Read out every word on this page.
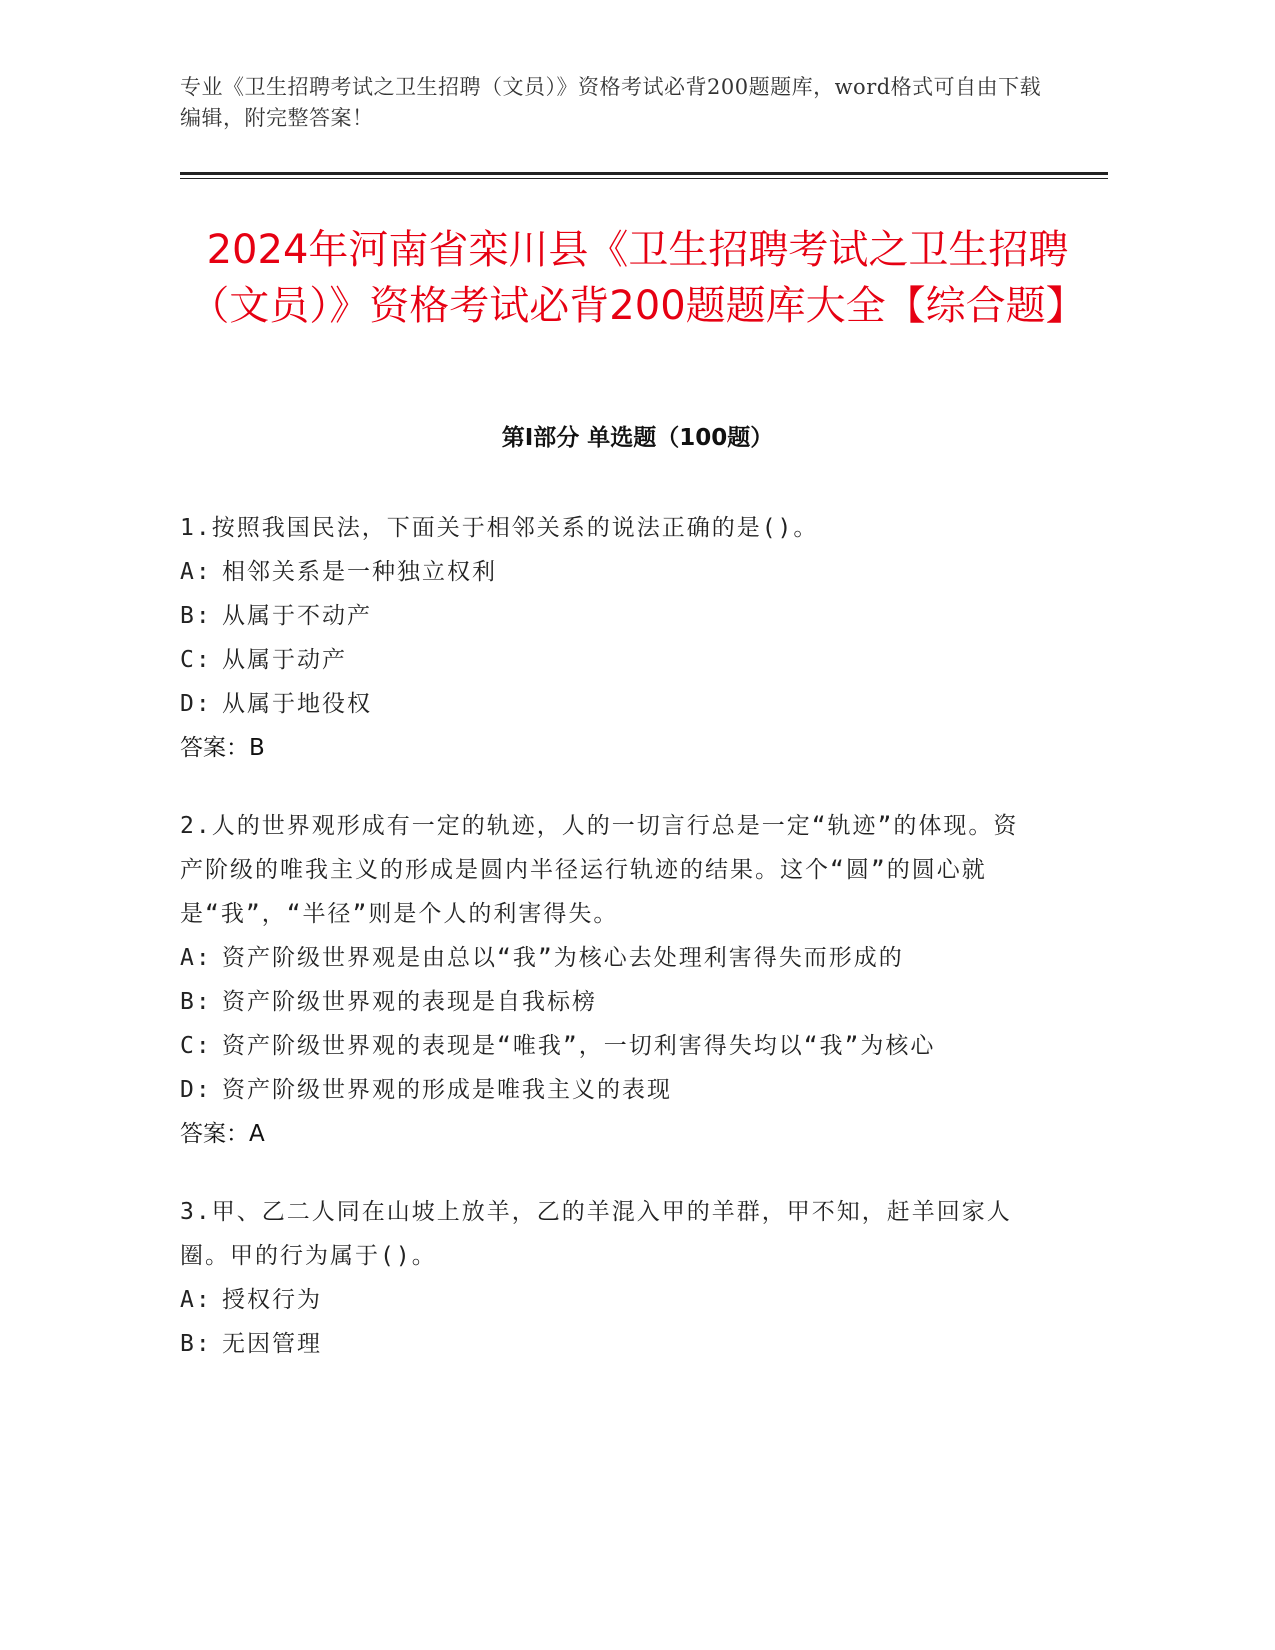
专业《卫生招聘考试之卫生招聘（文员）》资格考试必背200题题库，word格式可自由下载编辑，附完整答案！
2024年河南省栾川县《卫生招聘考试之卫生招聘（文员）》资格考试必背200题题库大全【综合题】
第Ⅰ部分 单选题（100题）
1.按照我国民法，下面关于相邻关系的说法正确的是()。
A: 相邻关系是一种独立权利
B: 从属于不动产
C: 从属于动产
D: 从属于地役权
答案：B
2.人的世界观形成有一定的轨迹，人的一切言行总是一定“轨迹”的体现。资产阶级的唯我主义的形成是圆内半径运行轨迹的结果。这个“圆”的圆心就是“我”，“半径”则是个人的利害得失。
A: 资产阶级世界观是由总以“我”为核心去处理利害得失而形成的
B: 资产阶级世界观的表现是自我标榜
C: 资产阶级世界观的表现是“唯我”，一切利害得失均以“我”为核心
D: 资产阶级世界观的形成是唯我主义的表现
答案：A
3.甲、乙二人同在山坡上放羊，乙的羊混入甲的羊群，甲不知，赶羊回家人圈。甲的行为属于()。
A: 授权行为
B: 无因管理
